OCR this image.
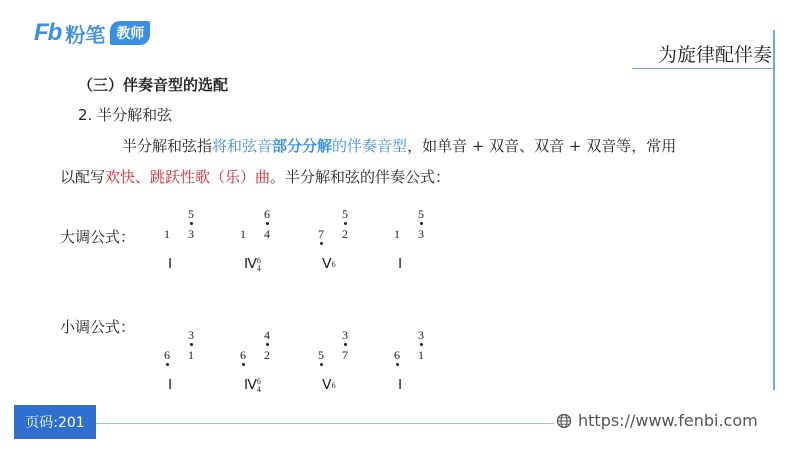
Fb 粉笔 教师
为旋律配伴奏
（三）伴奏音型的选配
2. 半分解和弦
半分解和弦指将和弦音部分分解的伴奏音型，如单音 + 双音、双音 + 双音等，常用
以配写欢快、跳跃性歌（乐）曲。半分解和弦的伴奏公式：
大调公式：
5
3
1
Ⅰ
6
4
1
Ⅳ 6
4
5
2
7
Ⅴ 6
5
3
1
Ⅰ
小调公式：	3
1
6
Ⅰ
4
2
6
Ⅳ 6
4
3
7
5
Ⅴ 6
3
1
6
Ⅰ
页码:201	https://www.fenbi.com
